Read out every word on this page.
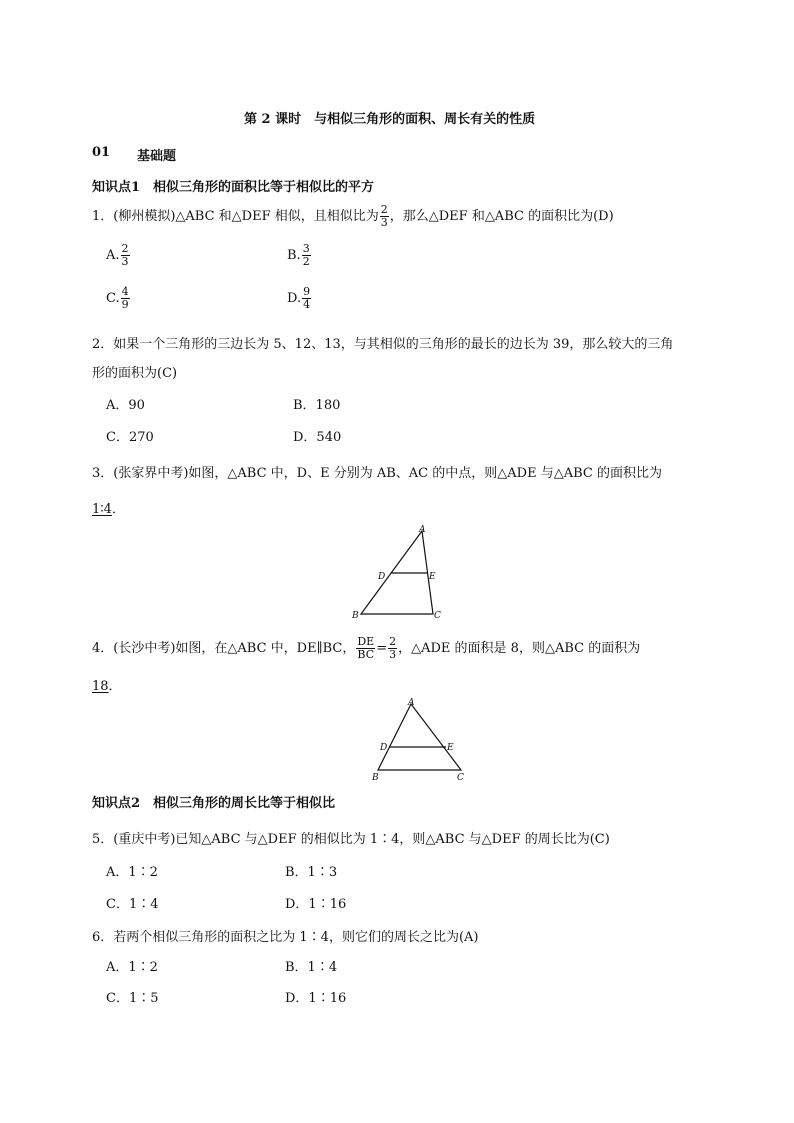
第 2 课时　与相似三角形的面积、周长有关的性质
01 基础题
知识点1　相似三角形的面积比等于相似比的平方
1．(柳州模拟)△ABC 和△DEF 相似，且相似比为 $\frac{2}{3}$ ，那么△DEF 和△ABC 的面积比为(D)
A. $\frac{2}{3}$	B. $\frac{3}{2}$
C. $\frac{4}{9}$	D. $\frac{9}{4}$
2．如果一个三角形的三边长为 5、12、13，与其相似的三角形的最长的边长为 39，那么较大的三角
形的面积为(C)
A．90	B．180
C．270	D．540
3．(张家界中考)如图，△ABC 中，D、E 分别为 AB、AC 的中点，则△ADE 与△ABC 的面积比为
1∶4．
A
D	E
B	C
4．(长沙中考)如图，在△ABC 中，DE∥BC， $\frac{DE}{BC} = \frac{2}{3}$ ，△ADE 的面积是 8，则△ABC 的面积为
18．
A
D	E
B	C
知识点2　相似三角形的周长比等于相似比
5．(重庆中考)已知△ABC 与△DEF 的相似比为 1∶4，则△ABC 与△DEF 的周长比为(C)
A．1∶2	B．1∶3
C．1∶4	D．1∶16
6．若两个相似三角形的面积之比为 1∶4，则它们的周长之比为(A)
A．1∶2	B．1∶4
C．1∶5	D．1∶16
